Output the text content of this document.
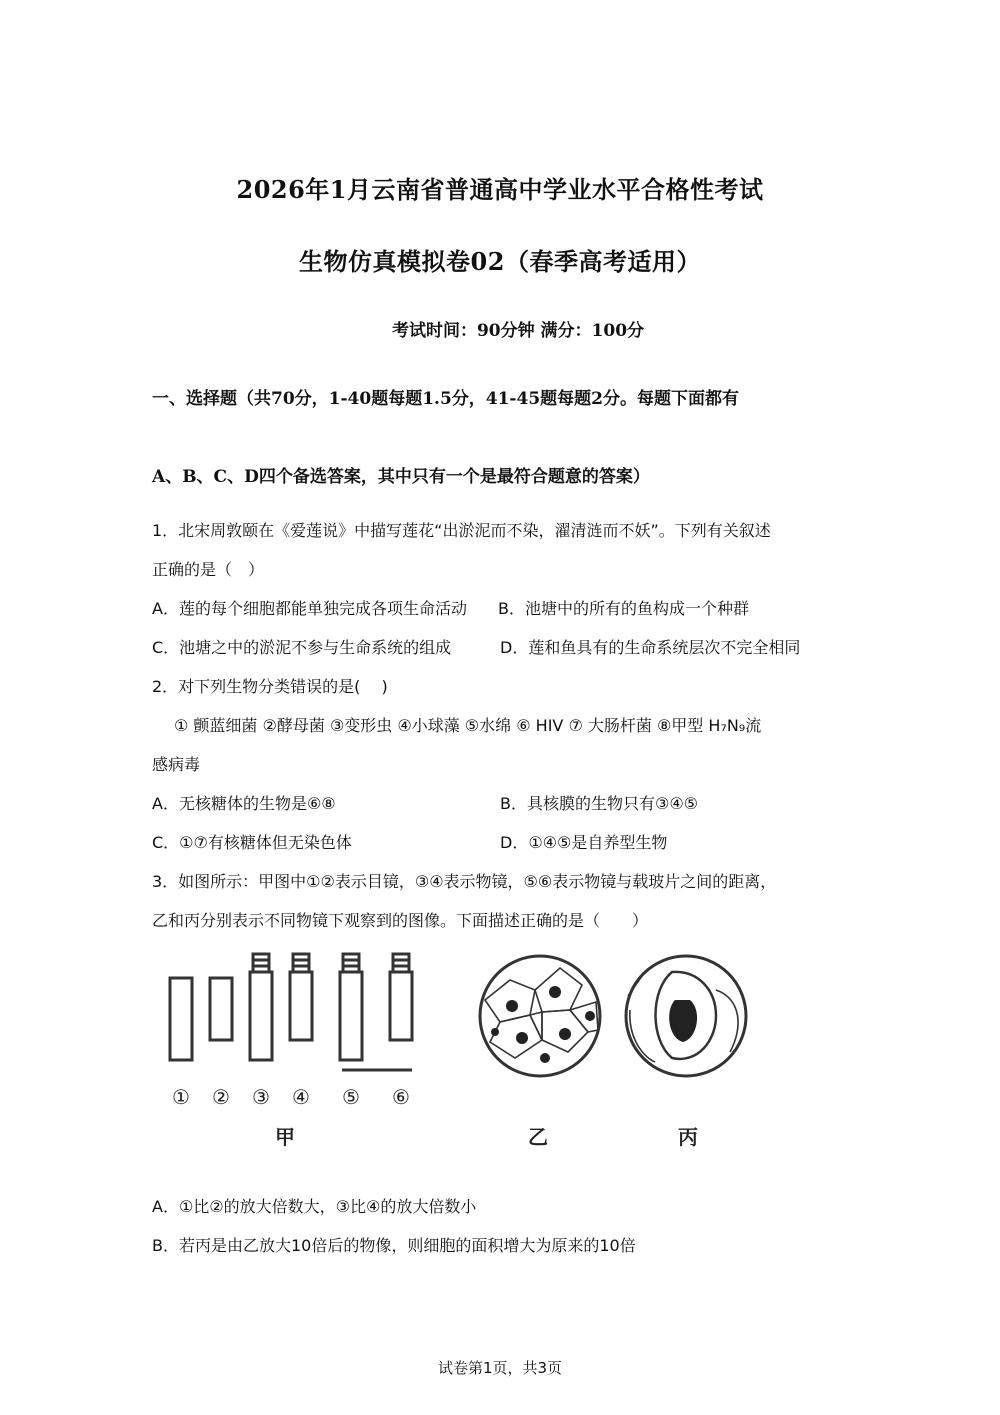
2026年1月云南省普通高中学业水平合格性考试
生物仿真模拟卷02（春季高考适用）
考试时间：90分钟 满分：100分
一、选择题（共70分，1-40题每题1.5分，41-45题每题2分。每题下面都有
A、B、C、D四个备选答案，其中只有一个是最符合题意的答案）
1．北宋周敦颐在《爱莲说》中描写莲花“出淤泥而不染，濯清涟而不妖”。下列有关叙述
正确的是（　）
A．莲的每个细胞都能单独完成各项生命活动 B．池塘中的所有的鱼构成一个种群
C．池塘之中的淤泥不参与生命系统的组成	D．莲和鱼具有的生命系统层次不完全相同
2．对下列生物分类错误的是(　 )
① 颤蓝细菌 ②酵母菌 ③变形虫 ④小球藻 ⑤水绵 ⑥ HIV ⑦ 大肠杆菌 ⑧甲型 H₇N₉流
感病毒
A．无核糖体的生物是⑥⑧	B．具核膜的生物只有③④⑤
C．①⑦有核糖体但无染色体	D．①④⑤是自养型生物
3．如图所示：甲图中①②表示目镜，③④表示物镜，⑤⑥表示物镜与载玻片之间的距离，
乙和丙分别表示不同物镜下观察到的图像。下面描述正确的是（　　）
① ② ③ ④ ⑤ ⑥
甲	乙	丙
A．①比②的放大倍数大，③比④的放大倍数小
B．若丙是由乙放大10倍后的物像，则细胞的面积增大为原来的10倍
试卷第1页，共3页
